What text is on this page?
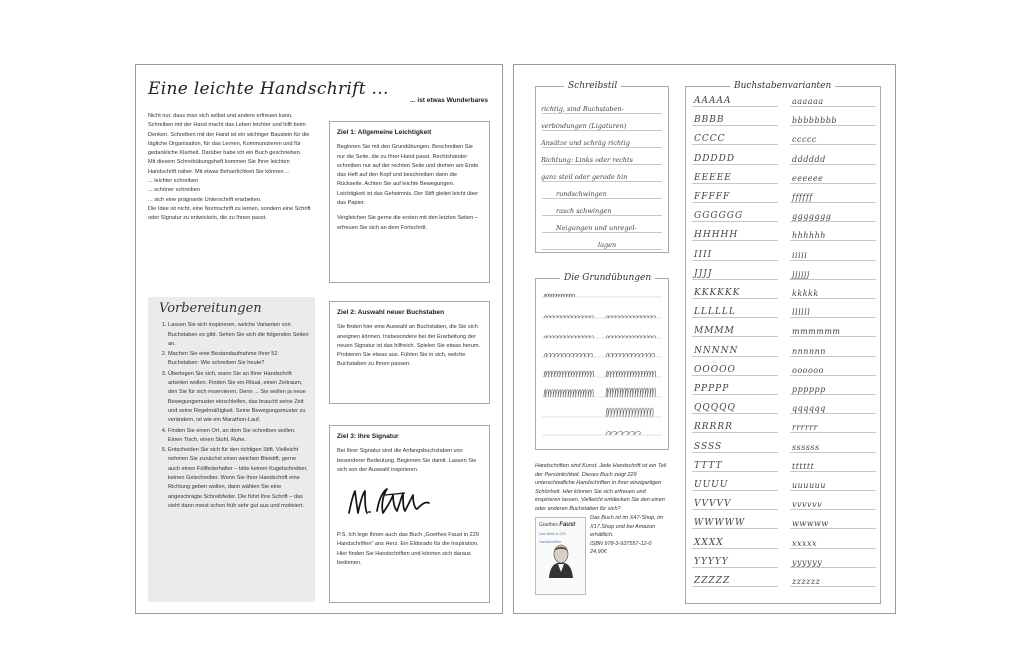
Eine leichte Handschrift ...
... ist etwas Wunderbares
Nicht nur, dass man sich selbst und andere erfreuen kann, Schreiben mit der Hand macht das Leben leichter und hilft beim Denken. Schreiben mit der Hand ist ein wichtiger Baustein für die tägliche Organisation, für das Lernen, Kommunizieren und für gedankliche Klarheit. Darüber habe ich ein Buch geschrieben.
Mit diesem Schreibübungsheft kommen Sie Ihrer leichten Handschrift näher. Mit etwas Beharrlichkeit Sie können ...
... leichter schreiben
... schöner schreiben
... sich eine prägnante Unterschrift erarbeiten.
Die Idee ist nicht, eine Normschrift zu lernen, sondern eine Schrift oder Signatur zu entwickeln, die zu Ihnen passt.
Vorbereitungen
1. Lassen Sie sich inspirieren, welche Varianten von Buchstaben es gibt. Sehen Sie sich die folgenden Seiten an.
2. Machen Sie eine Bestandaufnahme Ihrer 52 Buchstaben: Wie schreiben Sie heute?
3. Überlegen Sie sich, wann Sie an Ihrer Handschrift arbeiten wollen. Finden Sie ein Ritual, einen Zeitraum, den Sie für sich reservieren. Denn ... Sie wollen ja neue Bewegungsmuster einschleifen, das braucht seine Zeit und seine Regelmäßigkeit. Seine Bewegungsmuster zu verändern, ist wie ein Marathon-Lauf.
4. Finden Sie einen Ort, an dem Sie schreiben wollen. Einen Tisch, einen Stuhl, Ruhe.
5. Entscheiden Sie sich für den richtigen Stift. Vielleicht nehmen Sie zunächst einen weichen Bleistift, gerne auch einen Füllfederhalter – bitte keinen Kugelschreiber, keinen Gelschreiber. Wenn Sie Ihrer Handschrift eine Richtung geben wollen, dann wählen Sie eine angeschrägte Schreibfeder. Die führt Ihre Schrift – das sieht dann meist schon früh sehr gut aus und motiviert.
Ziel 1: Allgemeine Leichtigkeit

Beginnen Sie mit den Grundübungen. Beschreiben Sie nur die Seite, die zu Ihrer Hand passt. Rechtshänder schreiben nur auf der rechten Seite und drehen am Ende das Heft auf den Kopf und beschreiben dann die Rückseite. Achten Sie auf leichte Bewegungen. Leichtigkeit ist das Geheimnis. Der Stift gleitet leicht über das Papier.

Vergleichen Sie gerne die ersten mit den letzten Seiten – erfreuen Sie sich an dem Fortschritt.

Ziel 2: Auswahl neuer Buchstaben

Sie finden hier eine Auswahl an Buchstaben, die Sie sich aneignen können. Insbesondere bei der Erarbeitung der neuen Signatur ist das hilfreich. Spielen Sie etwas herum. Probieren Sie etwas aus. Fühlen Sie in sich, welche Buchstaben zu Ihnen passen.

Ziel 3: Ihre Signatur

Bei Ihrer Signatur sind die Anfangsbuchstaben von besonderer Bedeutung. Beginnen Sie damit. Lassen Sie sich von der Auswahl inspirieren.

P.S. Ich lege Ihnen auch das Buch „Goethes Faust in 229 Handschriften“ ans Herz. Ein Eldorado für die Inspiration. Hier finden Sie Handschriften und können sich daraus bedienen.

Schreibstil
richtig, sind Buchstaben-
verbindungen (Ligaturen)
Ansätze und schräg richtig
Richtung: Links oder rechts
ganz steil oder gerade hin
rundschwingen
rasch schwingen
Neigungen und unregel-
lagen
Die Grundübungen
Buchstabenvarianten
AAAAA	aaaaaa
BBBB	bbbbbbbb
CCCC	ccccc
DDDDD	dddddd
EEEEE	eeeeee
FFFFF	ffffff
GGGGGG	ggggggg
HHHHH	hhhhhh
IIII	iiiii
JJJJ	jjjjjj
KKKKKK	kkkkk
LLLLLL	llllll
MMMM	mmmmmm
NNNNN	nnnnnn
OOOOO	oooooo
PPPPP	pppppp
QQQQQ	qqqqqq
RRRRR	rrrrrr
SSSS	ssssss
TTTT	tttttt
UUUU	uuuuuu
VVVVV	vvvvvv
WWWWW	wwwww
XXXX	xxxxx
YYYYY	yyyyyy
ZZZZZ	zzzzzz
Handschriften sind Kunst. Jede Handschrift ist ein Teil der Persönlichkeit. Dieses Buch zeigt 229 unterschiedliche Handschriften in ihrer einzigartigen Schönheit. Hier können Sie sich erfreuen und inspirieren lassen. Vielleicht entdecken Sie den einen oder anderen Buchstaben für sich?
Goethes Faust
Das Werk in 229 Handschriften
Das Buch ist im X47-Shop, im X17.Shop und bei Amazon erhältlich.
ISBN 978-3-937557-12-0
24,90€
